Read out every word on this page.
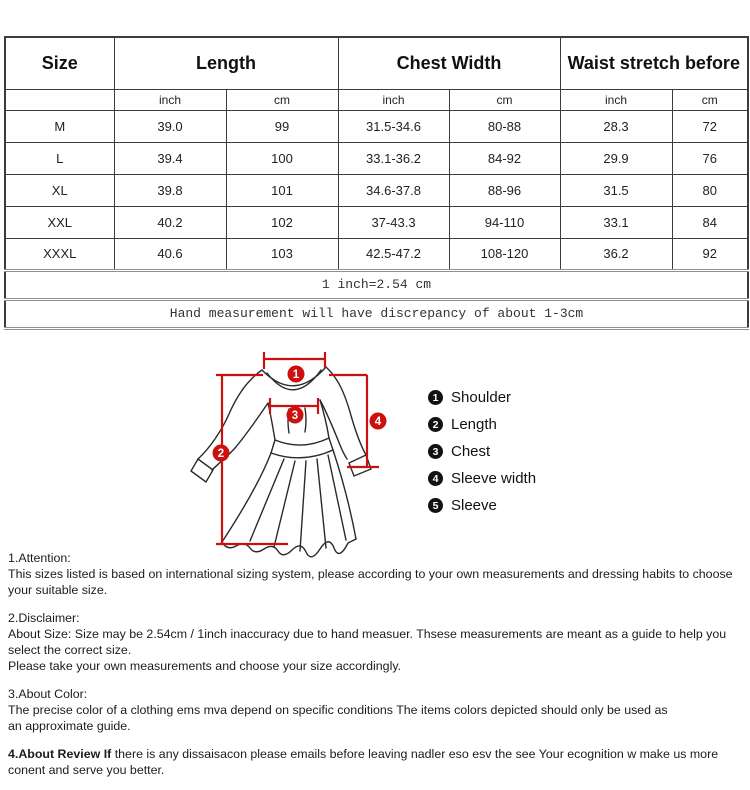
Size	Length		Chest Width		Waist stretch before	
	inch	cm	inch	cm	inch	cm
M	39.0	99	31.5-34.6	80-88	28.3	72
L	39.4	100	33.1-36.2	84-92	29.9	76
XL	39.8	101	34.6-37.8	88-96	31.5	80
XXL	40.2	102	37-43.3	94-110	33.1	84
XXXL	40.6	103	42.5-47.2	108-120	36.2	92
1 inch=2.54 cm						
Hand measurement will have discrepancy of about 1-3cm						
1
2
3	4
1 Shoulder
2 Length
3 Chest
4 Sleeve width
5 Sleeve
1.Attention:
This sizes listed is based on international sizing system, please according to your own measurements and dressing habits to choose your suitable size.
2.Disclaimer:
About Size: Size may be 2.54cm / 1inch inaccuracy due to hand measuer. Thsese measurements are meant as a guide to help you select the correct size.
Please take your own measurements and choose your size accordingly.
3.About Color:
The precise color of a clothing ems mva depend on specific conditions The items colors depicted should only be used as
an approximate guide.
4.About Review If there is any dissaisacon please emails before leaving nadler eso esv the see Your ecognition w make us more
conent and serve you better.
